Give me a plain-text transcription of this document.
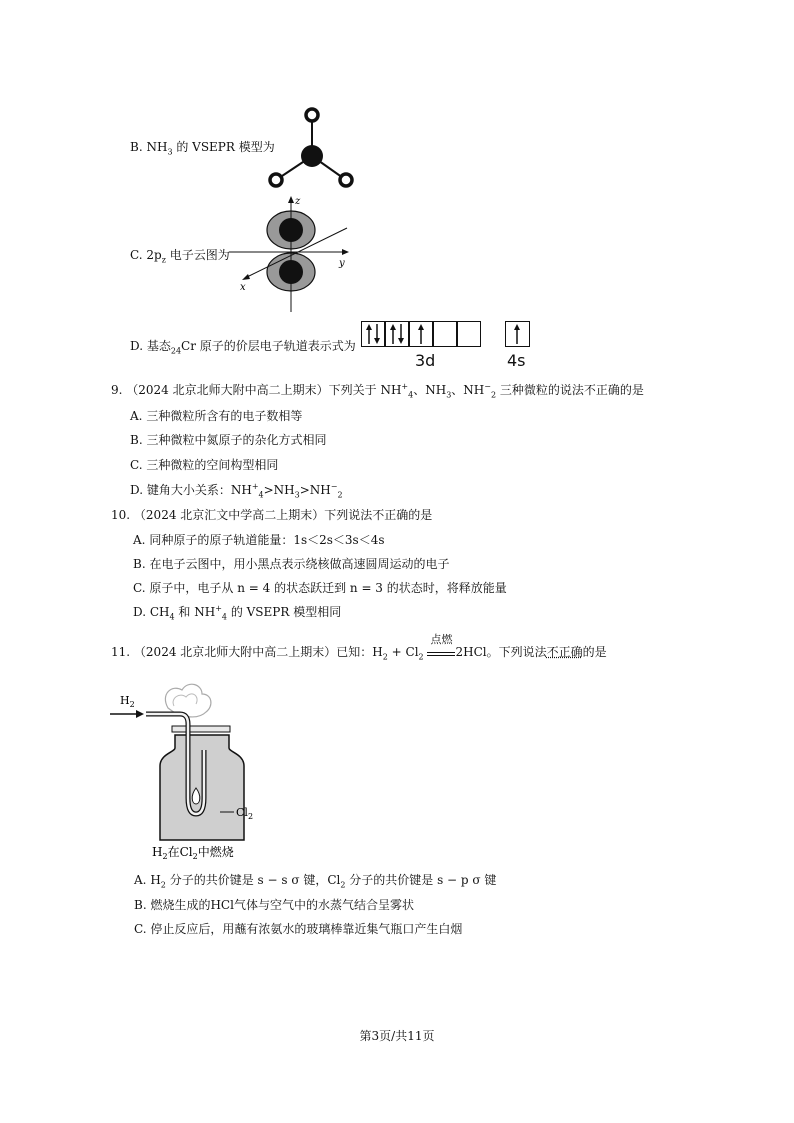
B. $NH_3$ 的 VSEPR 模型为
C. $2p_z$ 电子云图为
z
y
x
D. 基态$_{24}$Cr 原子的价层电子轨道表示式为
3d	4s
9. （2024 北京北师大附中高二上期末）下列关于 $NH^+_4$、$NH_3$、$NH^-_2$ 三种微粒的说法不正确的是
A. 三种微粒所含有的电子数相等
B. 三种微粒中氮原子的杂化方式相同
C. 三种微粒的空间构型相同
D. 键角大小关系：$NH^+_4>NH_3>NH^-_2$
10. （2024 北京汇文中学高二上期末）下列说法不正确的是
A. 同种原子的原子轨道能量：1s＜2s＜3s＜4s
B. 在电子云图中，用小黑点表示绕核做高速圆周运动的电子
C. 原子中，电子从 n = 4 的状态跃迁到 n = 3 的状态时，将释放能量
D. $CH_4$ 和 $NH^+_4$ 的 VSEPR 模型相同
11. （2024 北京北师大附中高二上期末）已知：$H_2 + Cl_2$
点燃
2HCl。下列说法不正确的是
$H_2$
$Cl_2$
$H_2$在$Cl_2$中燃烧
A. $H_2$ 分子的共价键是 s − s σ 键，$Cl_2$ 分子的共价键是 s − p σ 键
B. 燃烧生成的HCl气体与空气中的水蒸气结合呈雾状
C. 停止反应后，用蘸有浓氨水的玻璃棒靠近集气瓶口产生白烟
第3页/共11页
